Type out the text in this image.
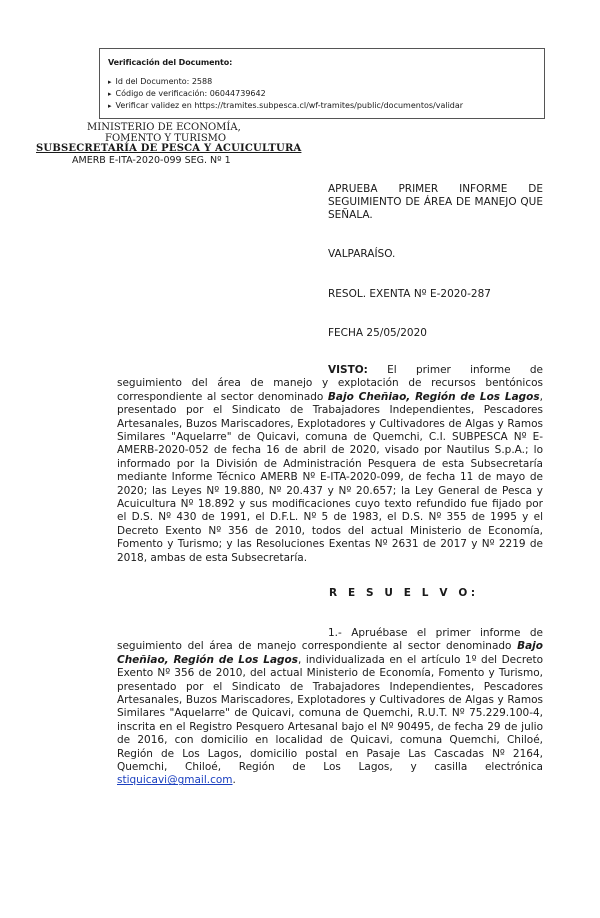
Verificación del Documento:
▸ Id del Documento: 2588
▸ Código de verificación: 06044739642
▸ Verificar validez en https://tramites.subpesca.cl/wf-tramites/public/documentos/validar
MINISTERIO DE ECONOMÍA,
FOMENTO Y TURISMO
SUBSECRETARÍA DE PESCA Y ACUICULTURA
AMERB E-ITA-2020-099 SEG. Nº 1
APRUEBA PRIMER INFORME DE SEGUIMIENTO DE ÁREA DE MANEJO QUE SEÑALA.
VALPARAÍSO.
RESOL. EXENTA Nº E-2020-287
FECHA 25/05/2020
VISTO: El primer informe de seguimiento del área de manejo y explotación de recursos bentónicos correspondiente al sector denominado Bajo Cheñiao, Región de Los Lagos, presentado por el Sindicato de Trabajadores Independientes, Pescadores Artesanales, Buzos Mariscadores, Explotadores y Cultivadores de Algas y Ramos Similares "Aquelarre" de Quicavi, comuna de Quemchi, C.I. SUBPESCA Nº E-AMERB-2020-052 de fecha 16 de abril de 2020, visado por Nautilus S.p.A.; lo informado por la División de Administración Pesquera de esta Subsecretaría mediante Informe Técnico AMERB Nº E-ITA-2020-099, de fecha 11 de mayo de 2020; las Leyes Nº 19.880, Nº 20.437 y Nº 20.657; la Ley General de Pesca y Acuicultura Nº 18.892 y sus modificaciones cuyo texto refundido fue fijado por el D.S. Nº 430 de 1991, el D.F.L. Nº 5 de 1983, el D.S. Nº 355 de 1995 y el Decreto Exento Nº 356 de 2010, todos del actual Ministerio de Economía, Fomento y Turismo; y las Resoluciones Exentas Nº 2631 de 2017 y Nº 2219 de 2018, ambas de esta Subsecretaría.
R E S U E L V O:
1.- Apruébase el primer informe de seguimiento del área de manejo correspondiente al sector denominado Bajo Cheñiao, Región de Los Lagos, individualizada en el artículo 1º del Decreto Exento Nº 356 de 2010, del actual Ministerio de Economía, Fomento y Turismo, presentado por el Sindicato de Trabajadores Independientes, Pescadores Artesanales, Buzos Mariscadores, Explotadores y Cultivadores de Algas y Ramos Similares "Aquelarre" de Quicavi, comuna de Quemchi, R.U.T. Nº 75.229.100-4, inscrita en el Registro Pesquero Artesanal bajo el Nº 90495, de fecha 29 de julio de 2016, con domicilio en localidad de Quicavi, comuna Quemchi, Chiloé, Región de Los Lagos, domicilio postal en Pasaje Las Cascadas Nº 2164, Quemchi, Chiloé, Región de Los Lagos, y casilla electrónica stiquicavi@gmail.com.
